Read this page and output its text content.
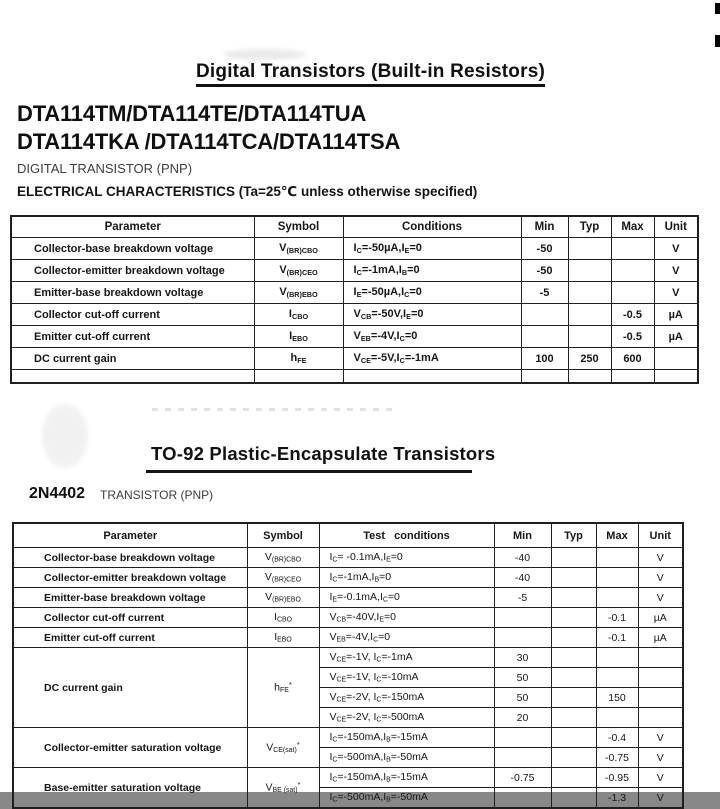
Digital Transistors (Built-in Resistors)
DTA114TM/DTA114TE/DTA114TUA
DTA114TKA /DTA114TCA/DTA114TSA
DIGITAL TRANSISTOR (PNP)
ELECTRICAL CHARACTERISTICS (Ta=25℃ unless otherwise specified)
Parameter	Symbol	Conditions	Min	Typ	Max	Unit
Collector-base breakdown voltage	$V_{(BR)CBO}$	$I_C=-50\mu A,I_E=0$	-50			V
Collector-emitter breakdown voltage	$V_{(BR)CEO}$	$I_C=-1mA,I_B=0$	-50			V
Emitter-base breakdown voltage	$V_{(BR)EBO}$	$I_E=-50\mu A,I_C=0$	-5			V
Collector cut-off current	$I_{CBO}$	$V_{CB}=-50V,I_E=0$			-0.5	µA
Emitter cut-off current	$I_{EBO}$	$V_{EB}=-4V,I_C=0$			-0.5	µA
DC current gain	$h_{FE}$	$V_{CE}=-5V,I_C=-1mA$	100	250	600	

TO-92 Plastic-Encapsulate Transistors
2N4402 TRANSISTOR (PNP)
Parameter	Symbol	Test   conditions	Min	Typ	Max	Unit
Collector-base breakdown voltage	$V_{(BR)CBO}$	$I_C= -0.1mA,I_E=0$	-40			V
Collector-emitter breakdown voltage	$V_{(BR)CEO}$	$I_C=-1mA,I_B=0$	-40			V
Emitter-base breakdown voltage	$V_{(BR)EBO}$	$I_E=-0.1mA,I_C=0$	-5			V
Collector cut-off current	$I_{CBO}$	$V_{CB}=-40V,I_E=0$			-0.1	µA
Emitter cut-off current	$I_{EBO}$	$V_{EB}=-4V,I_C=0$			-0.1	µA
DC current gain	$h_{FE}^*$	$V_{CE}=-1V$, $I_C=-1mA$	30			
		$V_{CE}=-1V$, $I_C=-10mA$	50			
		$V_{CE}=-2V$, $I_C=-150mA$	50		150	
		$V_{CE}=-2V$, $I_C=-500mA$	20			
Collector-emitter saturation voltage	$V_{CE(sat)}^*$	$I_C=-150mA,I_B=-15mA$			-0.4	V
		$I_C=-500mA,I_B=-50mA$			-0.75	V
Base-emitter saturation voltage	$V_{BE (sat)}^*$	$I_C=-150mA,I_B=-15mA$	-0.75		-0.95	V
		$I_C=-500mA,I_B=-50mA$			-1.3	V
